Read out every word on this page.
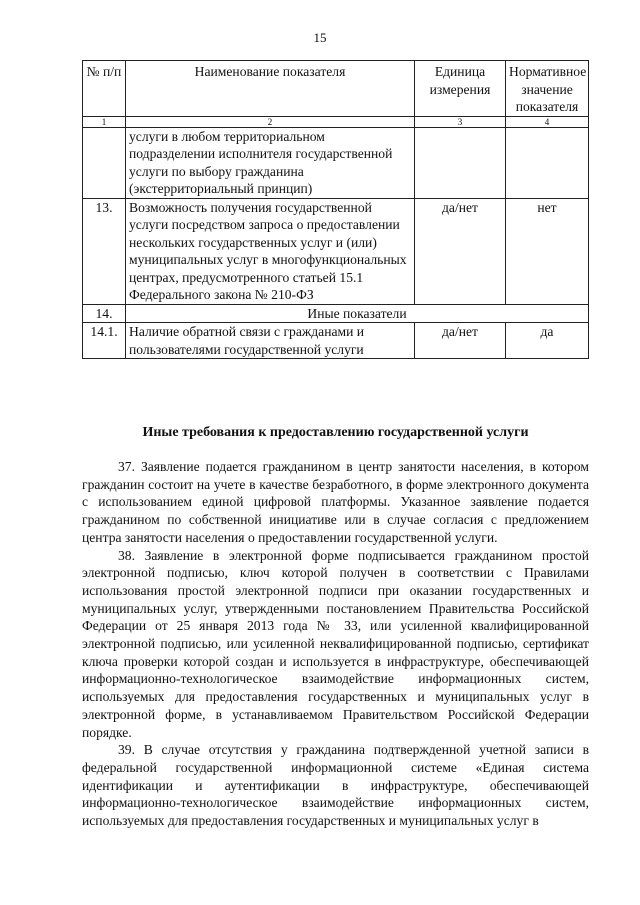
15
№ п/п	Наименование показателя	Единица измерения	Нормативное значение показателя
1	2	3	4
	услуги в любом территориальном подразделении исполнителя государственной услуги по выбору гражданина (экстерриториальный принцип)		
13.	Возможность получения государственной услуги посредством запроса о предоставлении нескольких государственных услуг и (или) муниципальных услуг в многофункциональных центрах, предусмотренного статьей 15.1 Федерального закона № 210-ФЗ	да/нет	нет
14.	Иные показатели		
14.1.	Наличие обратной связи с гражданами и пользователями государственной услуги	да/нет	да
Иные требования к предоставлению государственной услуги

37. Заявление подается гражданином в центр занятости населения, в котором гражданин состоит на учете в качестве безработного, в форме электронного документа с использованием единой цифровой платформы. Указанное заявление подается гражданином по собственной инициативе или в случае согласия с предложением центра занятости населения о предоставлении государственной услуги.

38. Заявление в электронной форме подписывается гражданином простой электронной подписью, ключ которой получен в соответствии с Правилами использования простой электронной подписи при оказании государственных и муниципальных услуг, утвержденными постановлением Правительства Российской Федерации от 25 января 2013 года № 33, или усиленной квалифицированной электронной подписью, или усиленной неквалифицированной подписью, сертификат ключа проверки которой создан и используется в инфраструктуре, обеспечивающей информационно-технологическое взаимодействие информационных систем, используемых для предоставления государственных и муниципальных услуг в электронной форме, в устанавливаемом Правительством Российской Федерации порядке.

39. В случае отсутствия у гражданина подтвержденной учетной записи в федеральной государственной информационной системе «Единая система идентификации и аутентификации в инфраструктуре, обеспечивающей информационно-технологическое взаимодействие информационных систем, используемых для предоставления государственных и муниципальных услуг в
